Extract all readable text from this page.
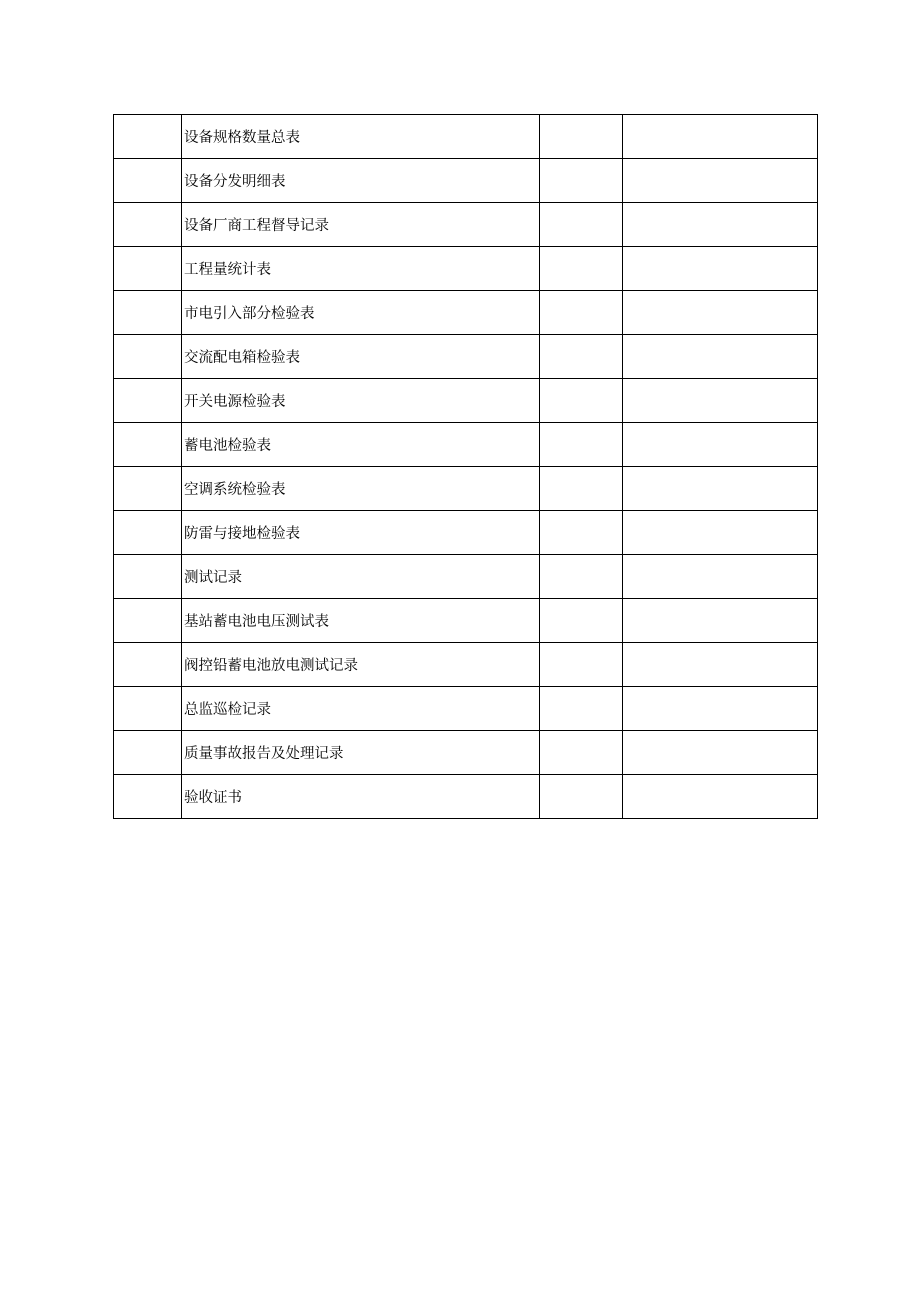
	设备规格数量总表		
	设备分发明细表		
	设备厂商工程督导记录		
	工程量统计表		
	市电引入部分检验表		
	交流配电箱检验表		
	开关电源检验表		
	蓄电池检验表		
	空调系统检验表		
	防雷与接地检验表		
	测试记录		
	基站蓄电池电压测试表		
	阀控铅蓄电池放电测试记录		
	总监巡检记录		
	质量事故报告及处理记录		
	验收证书		
